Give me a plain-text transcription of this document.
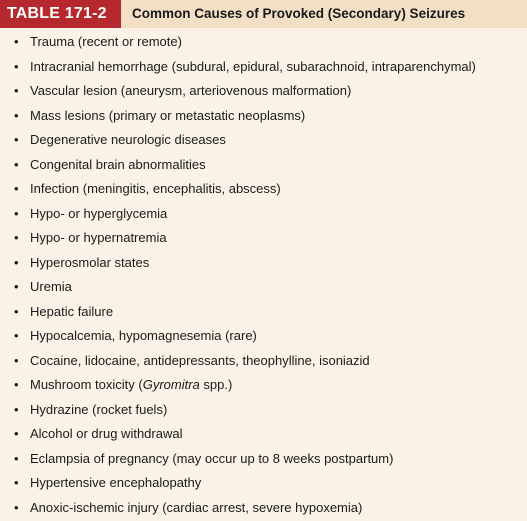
TABLE 171-2	Common Causes of Provoked (Secondary) Seizures
• Trauma (recent or remote)
• Intracranial hemorrhage (subdural, epidural, subarachnoid, intraparenchymal)
• Vascular lesion (aneurysm, arteriovenous malformation)
• Mass lesions (primary or metastatic neoplasms)
• Degenerative neurologic diseases
• Congenital brain abnormalities
• Infection (meningitis, encephalitis, abscess)
• Hypo- or hyperglycemia
• Hypo- or hypernatremia
• Hyperosmolar states
• Uremia
• Hepatic failure
• Hypocalcemia, hypomagnesemia (rare)
• Cocaine, lidocaine, antidepressants, theophylline, isoniazid
• Mushroom toxicity (Gyromitra spp.)
• Hydrazine (rocket fuels)
• Alcohol or drug withdrawal
• Eclampsia of pregnancy (may occur up to 8 weeks postpartum)
• Hypertensive encephalopathy
• Anoxic-ischemic injury (cardiac arrest, severe hypoxemia)
